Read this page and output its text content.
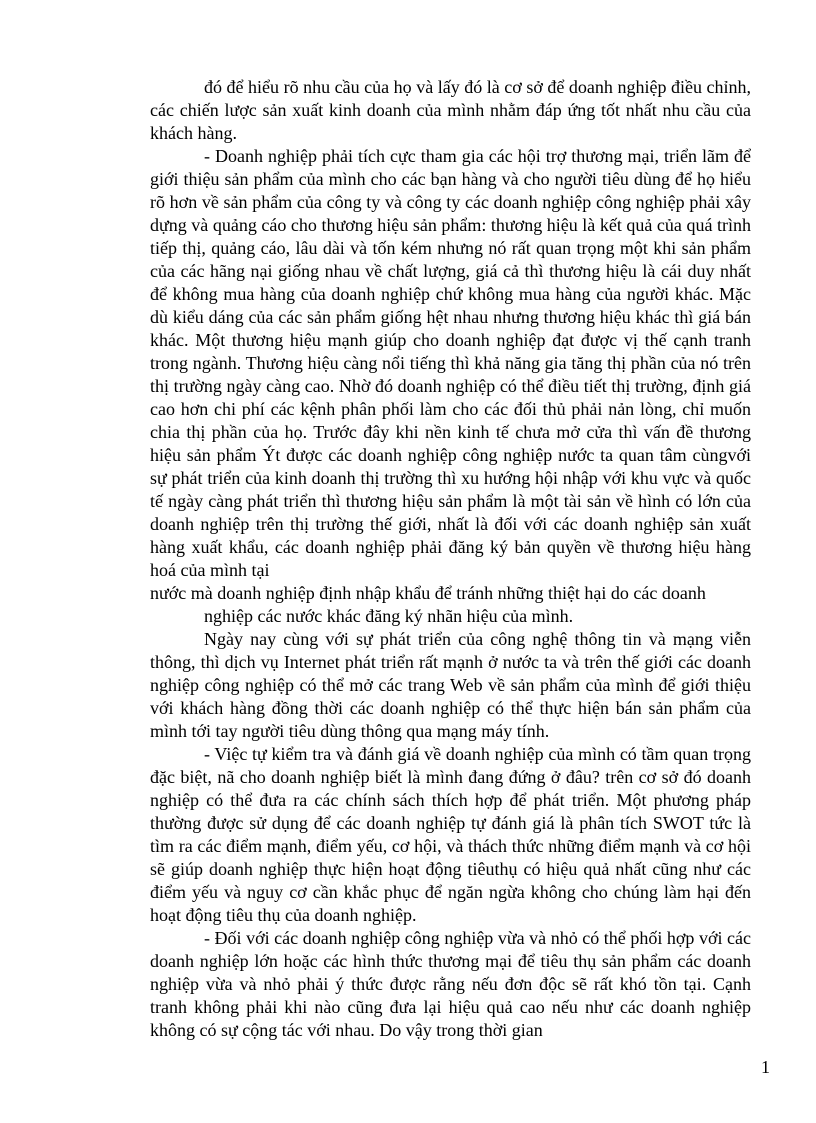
đó để hiểu rõ nhu cầu của họ và lấy đó là cơ sở để doanh nghiệp điều chỉnh, các chiến lược sản xuất kinh doanh của mình nhằm đáp ứng tốt nhất nhu cầu của khách hàng.

- Doanh nghiệp phải tích cực tham gia các hội trợ thương mại, triển lãm để giới thiệu sản phẩm của mình cho các bạn hàng và cho người tiêu dùng để họ hiểu rõ hơn về sản phẩm của công ty và công ty các doanh nghiệp công nghiệp phải xây dựng và quảng cáo cho thương hiệu sản phẩm: thương hiệu là kết quả của quá trình tiếp thị, quảng cáo, lâu dài và tốn kém nhưng nó rất quan trọng một khi sản phẩm của các hãng nại giống nhau về chất lượng, giá cả thì thương hiệu là cái duy nhất để không mua hàng của doanh nghiệp chứ không mua hàng của người khác. Mặc dù kiểu dáng của các sản phẩm giống hệt nhau nhưng thương hiệu khác thì giá bán khác. Một thương hiệu mạnh giúp cho doanh nghiệp đạt được vị thế cạnh tranh trong ngành. Thương hiệu càng nổi tiếng thì khả năng gia tăng thị phần của nó trên thị trường ngày càng cao. Nhờ đó doanh nghiệp có thể điều tiết thị trường, định giá cao hơn chi phí các kệnh phân phối làm cho các đối thủ phải nản lòng, chỉ muốn chia thị phần của họ. Trước đây khi nền kinh tế chưa mở cửa thì vấn đề thương hiệu sản phẩm Ýt được các doanh nghiệp công nghiệp nước ta quan tâm cùngvới sự phát triển của kinh doanh thị trường thì xu hướng hội nhập với khu vực và quốc tế ngày càng phát triển thì thương hiệu sản phẩm là một tài sản về hình có lớn của doanh nghiệp trên thị trường thế giới, nhất là đối với các doanh nghiệp sản xuất hàng xuất khẩu, các doanh nghiệp phải đăng ký bản quyền về thương hiệu hàng hoá của mình tại

nước mà doanh nghiệp định nhập khẩu để tránh những thiệt hại do các doanh

nghiệp các nước khác đăng ký nhãn hiệu của mình.

Ngày nay cùng với sự phát triển của công nghệ thông tin và mạng viễn thông, thì dịch vụ Internet phát triển rất mạnh ở nước ta và trên thế giới các doanh nghiệp công nghiệp có thể mở các trang Web về sản phẩm của mình để giới thiệu với khách hàng đồng thời các doanh nghiệp có thể thực hiện bán sản phẩm của mình tới tay người tiêu dùng thông qua mạng máy tính.

- Việc tự kiểm tra và đánh giá về doanh nghiệp của mình có tầm quan trọng đặc biệt, nã cho doanh nghiệp biết là mình đang đứng ở đâu? trên cơ sở đó doanh nghiệp có thể đưa ra các chính sách thích hợp để phát triển. Một phương pháp thường được sử dụng để các doanh nghiệp tự đánh giá là phân tích SWOT tức là tìm ra các điểm mạnh, điểm yếu, cơ hội, và thách thức những điểm mạnh và cơ hội sẽ giúp doanh nghiệp thực hiện hoạt động tiêuthụ có hiệu quả nhất cũng như các điểm yếu và nguy cơ cần khắc phục để ngăn ngừa không cho chúng làm hại đến hoạt động tiêu thụ của doanh nghiệp.

- Đối với các doanh nghiệp công nghiệp vừa và nhỏ có thể phối hợp với các doanh nghiệp lớn hoặc các hình thức thương mại để tiêu thụ sản phẩm các doanh nghiệp vừa và nhỏ phải ý thức được rằng nếu đơn độc sẽ rất khó tồn tại. Cạnh tranh không phải khi nào cũng đưa lại hiệu quả cao nếu như các doanh nghiệp không có sự cộng tác với nhau. Do vậy trong thời gian

1
